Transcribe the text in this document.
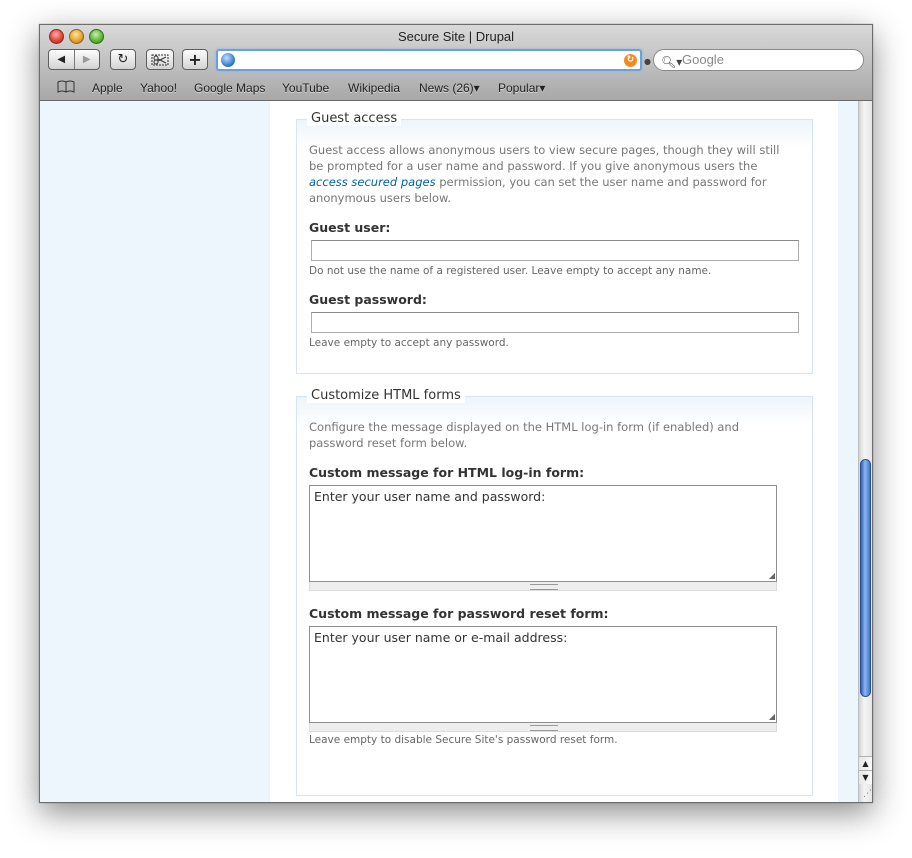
Secure Site | Drupal
◀ ▶ ↻	+	↻	● 🔍︎▾ Google
Apple Yahoo! Google Maps YouTube Wikipedia News (26)▾ Popular▾
Guest access
Guest access allows anonymous users to view secure pages, though they will still be prompted for a user name and password. If you give anonymous users the access secured pages permission, you can set the user name and password for anonymous users below.
Guest user:
Do not use the name of a registered user. Leave empty to accept any name.
Guest password:
Leave empty to accept any password.
Customize HTML forms
Configure the message displayed on the HTML log-in form (if enabled) and password reset form below.
Custom message for HTML log-in form:
Enter your user name and password:
◢
Custom message for password reset form:
Enter your user name or e-mail address:
◢
Leave empty to disable Secure Site's password reset form.
▲
▼
⋰
